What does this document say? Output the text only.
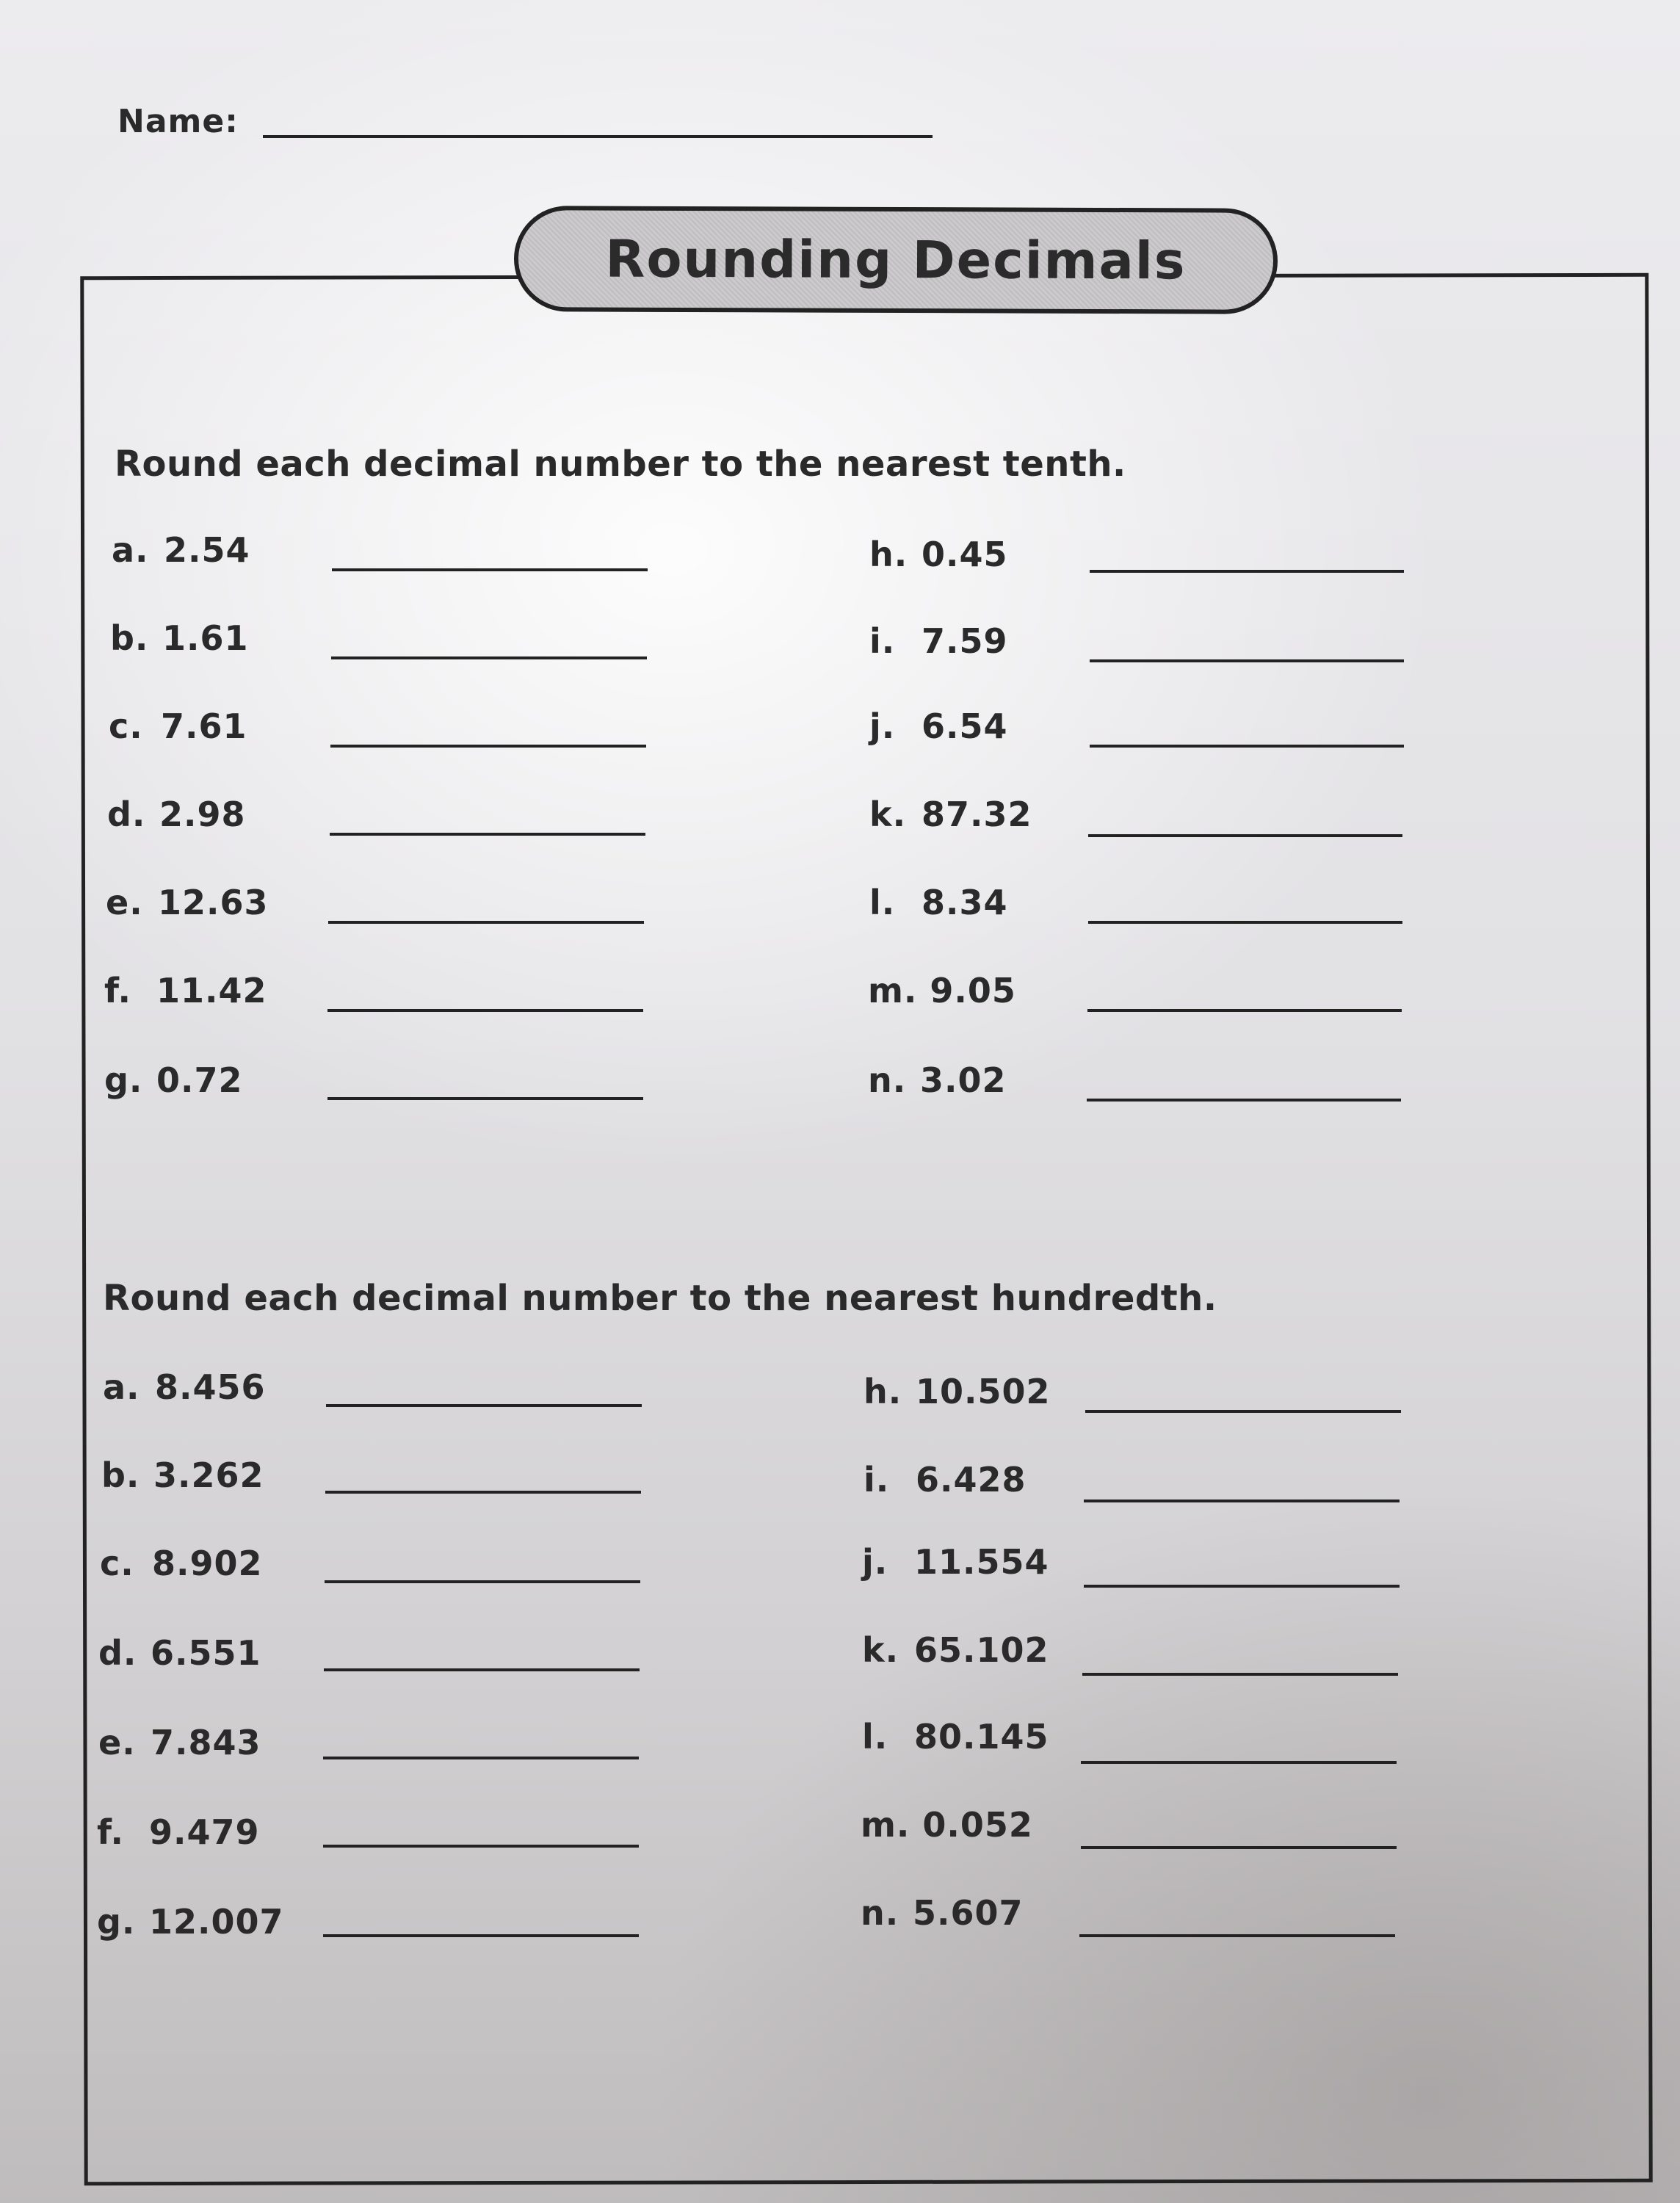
Name:
Rounding Decimals
Round each decimal number to the nearest tenth.
a. 2.54
b. 1.61
c. 7.61
d. 2.98
e. 12.63
f. 11.42
g. 0.72
h. 0.45
i. 7.59
j. 6.54
k. 87.32
l. 8.34
m. 9.05
n. 3.02
Round each decimal number to the nearest hundredth.
a. 8.456
b. 3.262
c. 8.902
d. 6.551
e. 7.843
f. 9.479
g. 12.007
h. 10.502
i. 6.428
j. 11.554
k. 65.102
l. 80.145
m. 0.052
n. 5.607
